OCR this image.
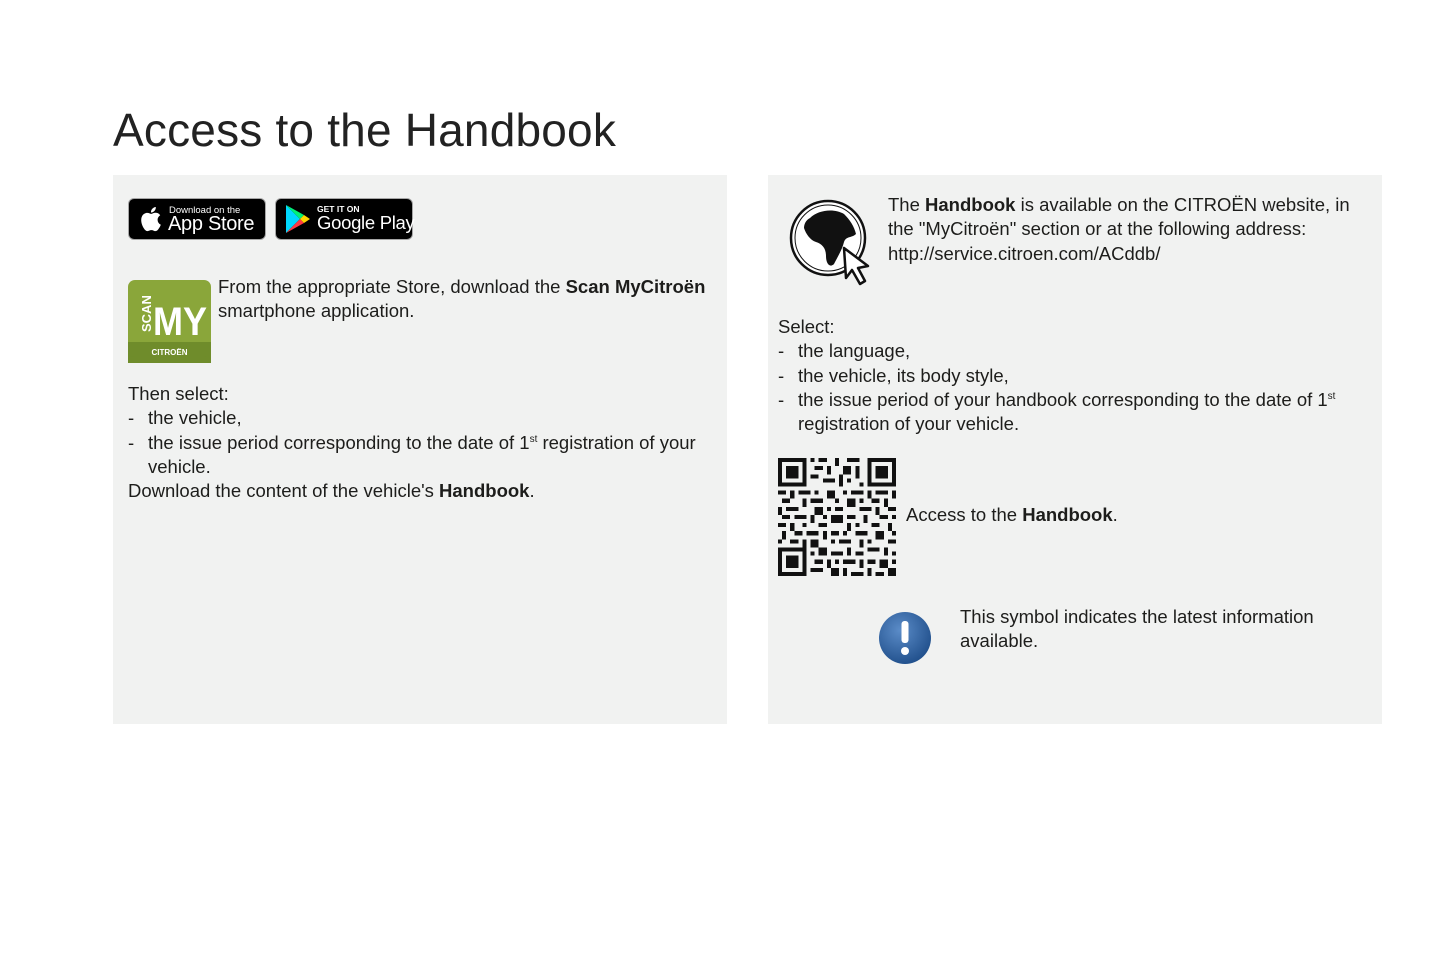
Access to the Handbook
Download on the
App Store
GET IT ON
Google Play
SCAN MY
CITROËN
From the appropriate Store, download the Scan MyCitroën smartphone application.
Then select:
- the vehicle,
- the issue period corresponding to the date of 1st registration of your vehicle.
Download the content of the vehicle's Handbook.
The Handbook is available on the CITROËN website, in the "MyCitroën" section or at the following address:
http://service.citroen.com/ACddb/
Select:
- the language,
- the vehicle, its body style,
- the issue period of your handbook corresponding to the date of 1st registration of your vehicle.
Access to the Handbook.
This symbol indicates the latest information available.
